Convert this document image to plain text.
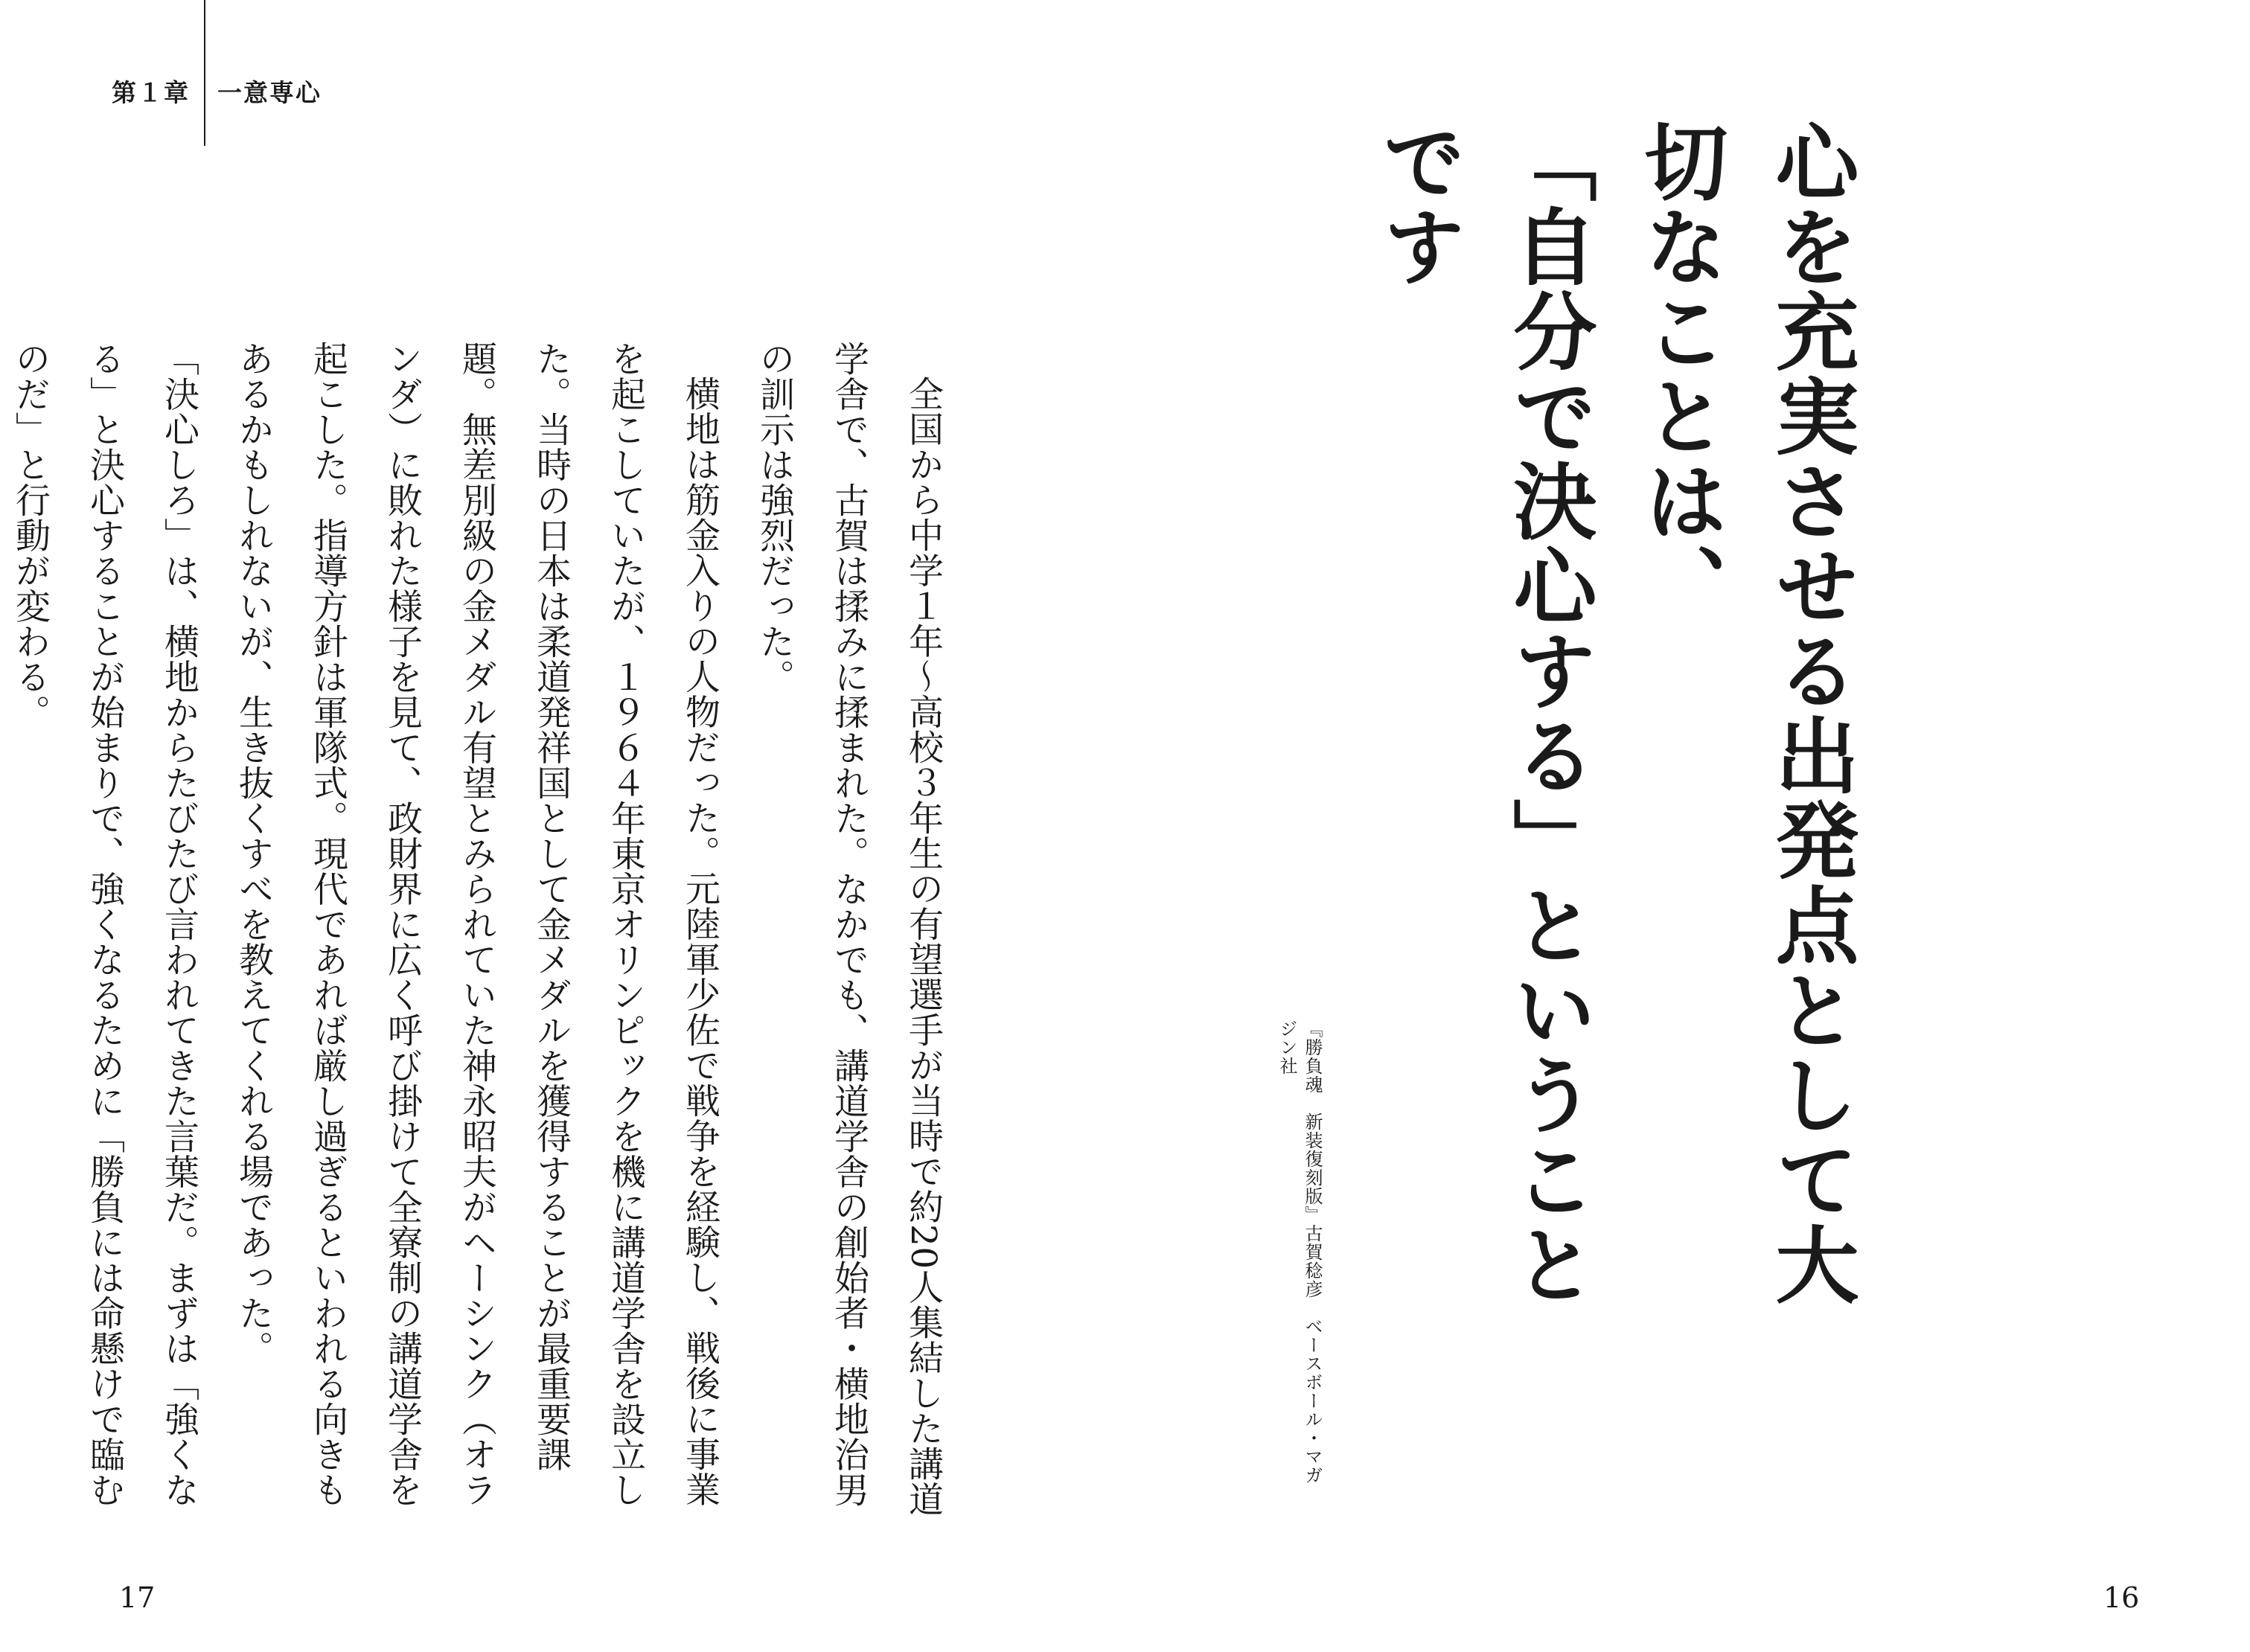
第１章 一意専心

全国から中学１年〜高校３年生の有望選手が当時で約20人集結した講道学舎で、古賀は揉みに揉まれた。なかでも、講道学舎の創始者・横地治男の訓示は強烈だった。

横地は筋金入りの人物だった。元陸軍少佐で戦争を経験し、戦後に事業を起こしていたが、１９６４年東京オリンピックを機に講道学舎を設立した。当時の日本は柔道発祥国として金メダルを獲得することが最重要課題。無差別級の金メダル有望とみられていた神永昭夫がヘーシンク（オランダ）に敗れた様子を見て、政財界に広く呼び掛けて全寮制の講道学舎を起こした。指導方針は軍隊式。現代であれば厳し過ぎるといわれる向きもあるかもしれないが、生き抜くすべを教えてくれる場であった。

「決心しろ」は、横地からたびたび言われてきた言葉だ。まずは「強くなる」と決心することが始まりで、強くなるために「勝負には命懸けで臨むのだ」と行動が変わる。

『勝負魂　新装復刻版』古賀稔彦　ベースボール・マガジン社	心を充実させる出発点として大切なことは、
「自分で決心する」ということです
17	16
